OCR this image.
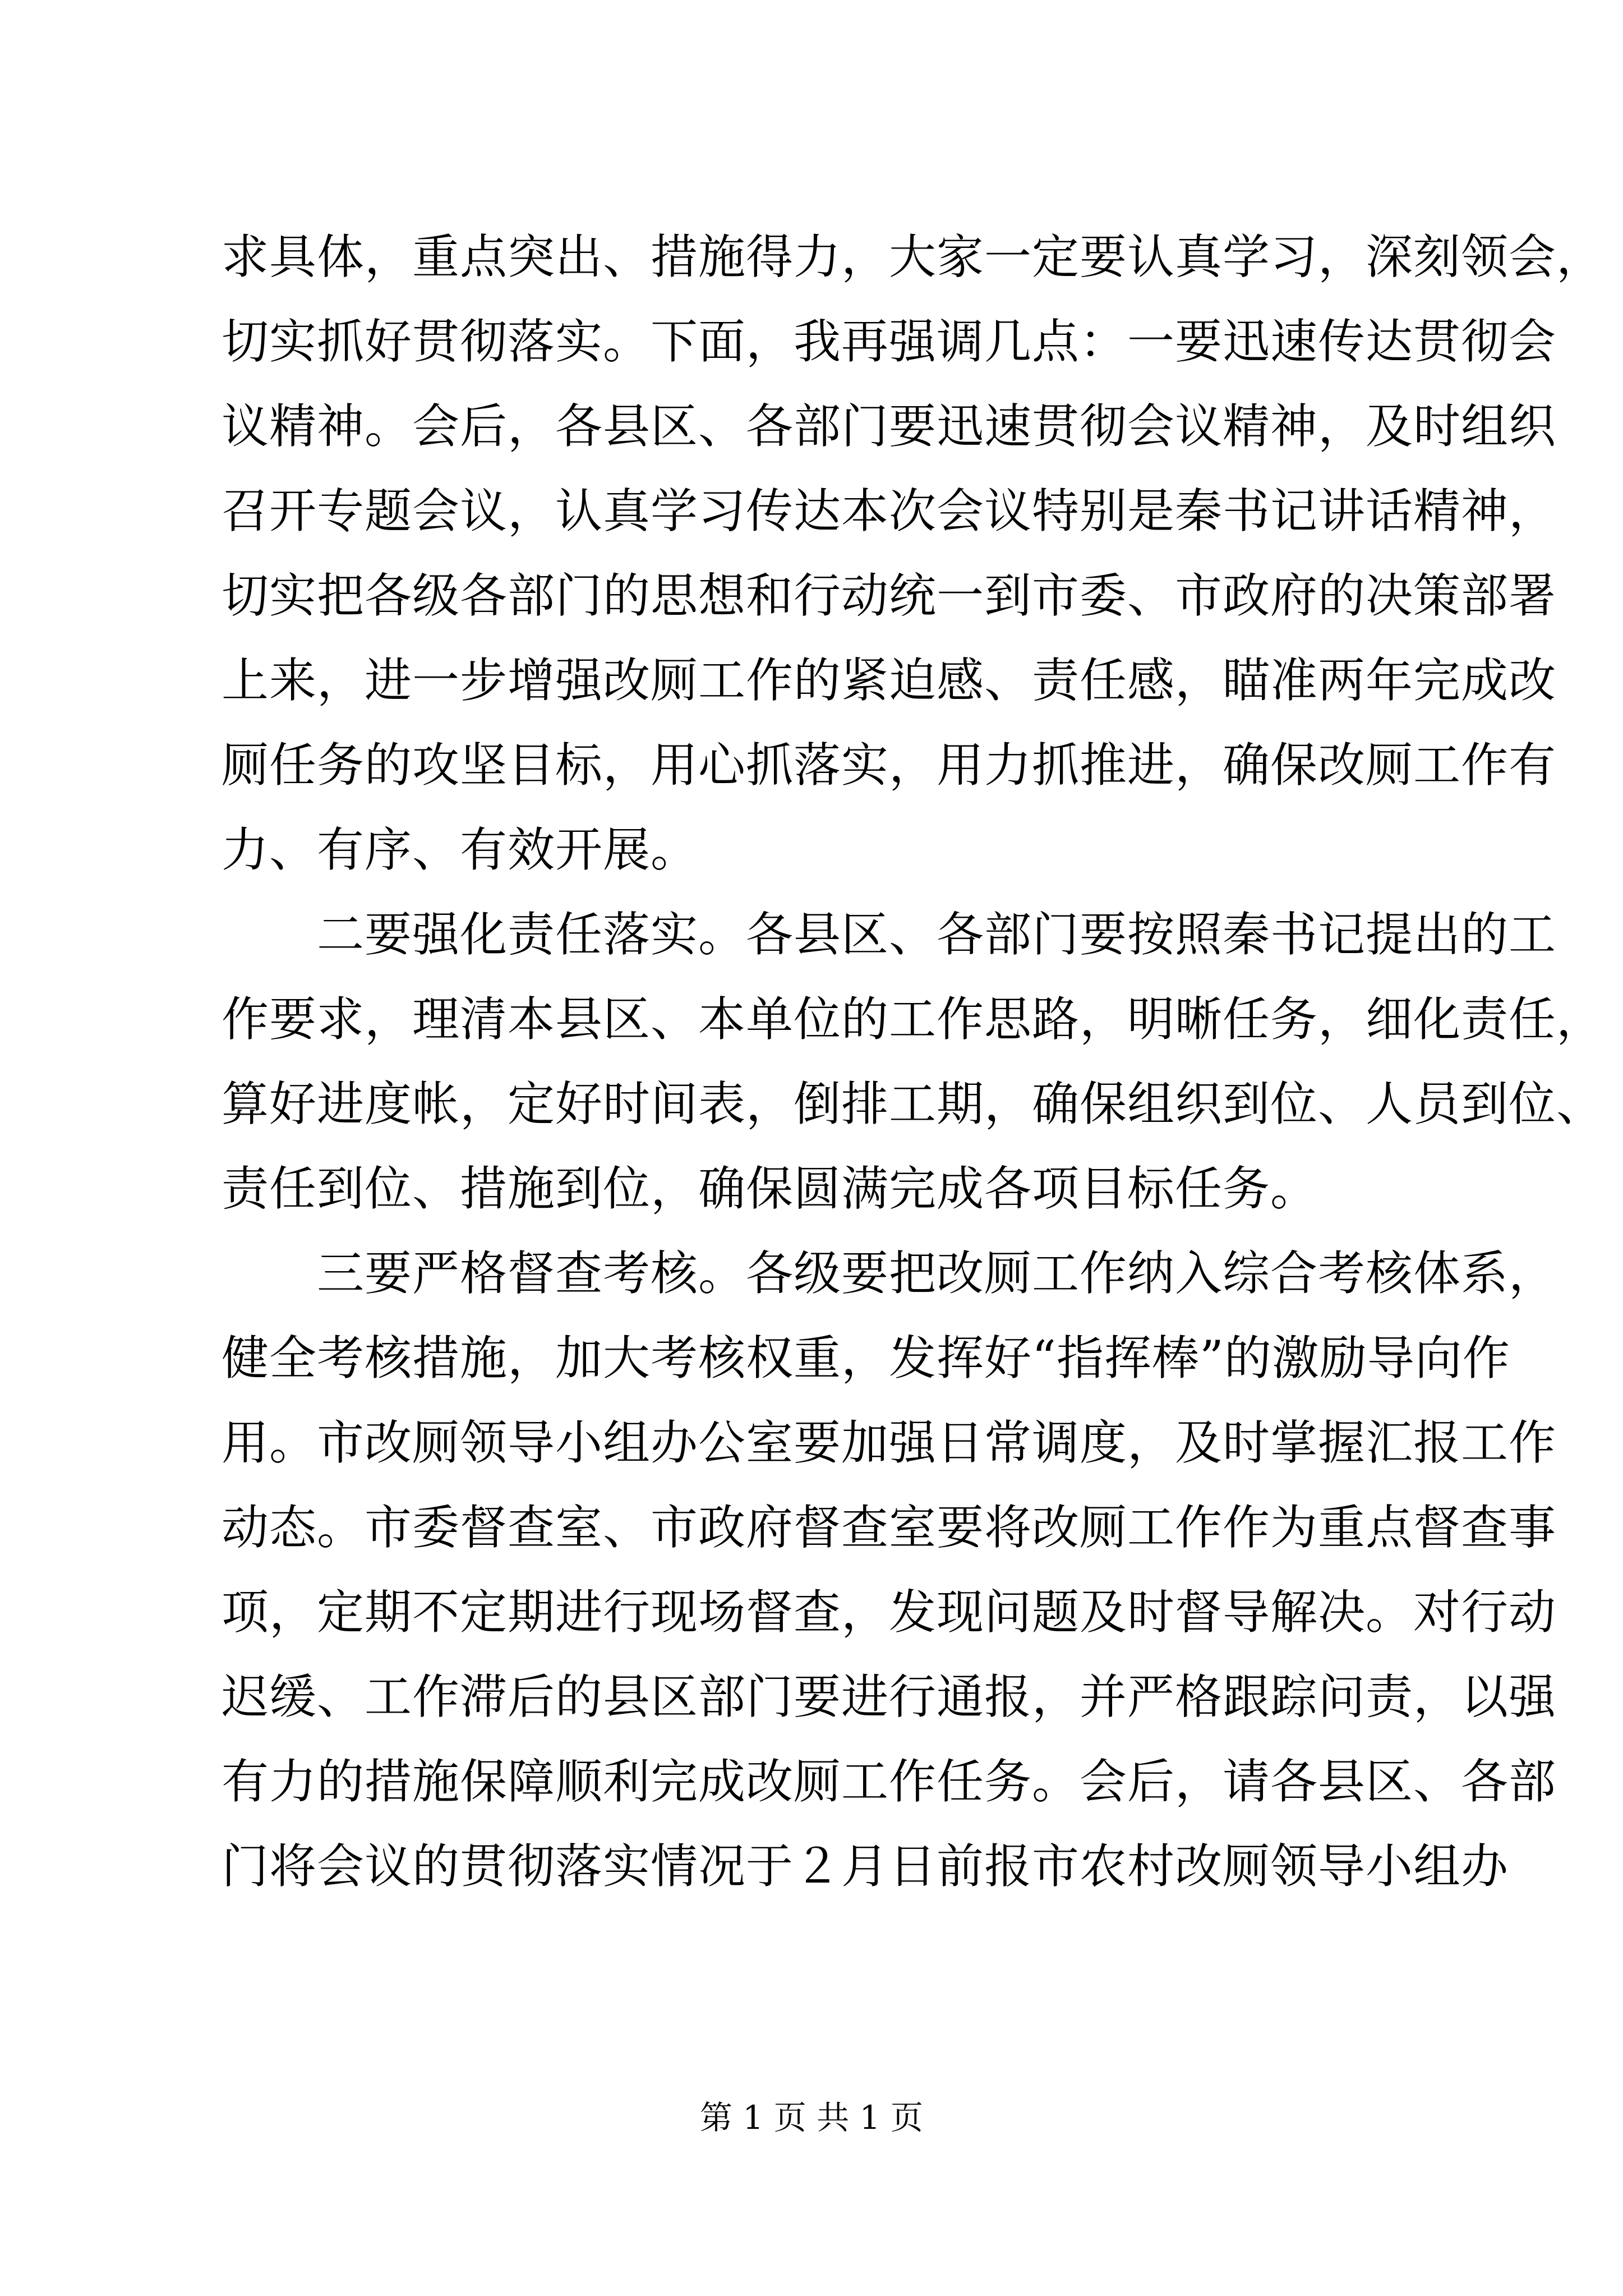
求具体，重点突出、措施得力，大家一定要认真学习，深刻领会，
切实抓好贯彻落实。下面，我再强调几点：一要迅速传达贯彻会
议精神。会后，各县区、各部门要迅速贯彻会议精神，及时组织
召开专题会议，认真学习传达本次会议特别是秦书记讲话精神，
切实把各级各部门的思想和行动统一到市委、市政府的决策部署
上来，进一步增强改厕工作的紧迫感、责任感，瞄准两年完成改
厕任务的攻坚目标，用心抓落实，用力抓推进，确保改厕工作有
力、有序、有效开展。
　　二要强化责任落实。各县区、各部门要按照秦书记提出的工
作要求，理清本县区、本单位的工作思路，明晰任务，细化责任，
算好进度帐，定好时间表，倒排工期，确保组织到位、人员到位、
责任到位、措施到位，确保圆满完成各项目标任务。
　　三要严格督查考核。各级要把改厕工作纳入综合考核体系，
健全考核措施，加大考核权重，发挥好“指挥棒”的激励导向作
用。市改厕领导小组办公室要加强日常调度，及时掌握汇报工作
动态。市委督查室、市政府督查室要将改厕工作作为重点督查事
项，定期不定期进行现场督查，发现问题及时督导解决。对行动
迟缓、工作滞后的县区部门要进行通报，并严格跟踪问责，以强
有力的措施保障顺利完成改厕工作任务。会后，请各县区、各部
门将会议的贯彻落实情况于２月日前报市农村改厕领导小组办
第 1 页 共 1 页
